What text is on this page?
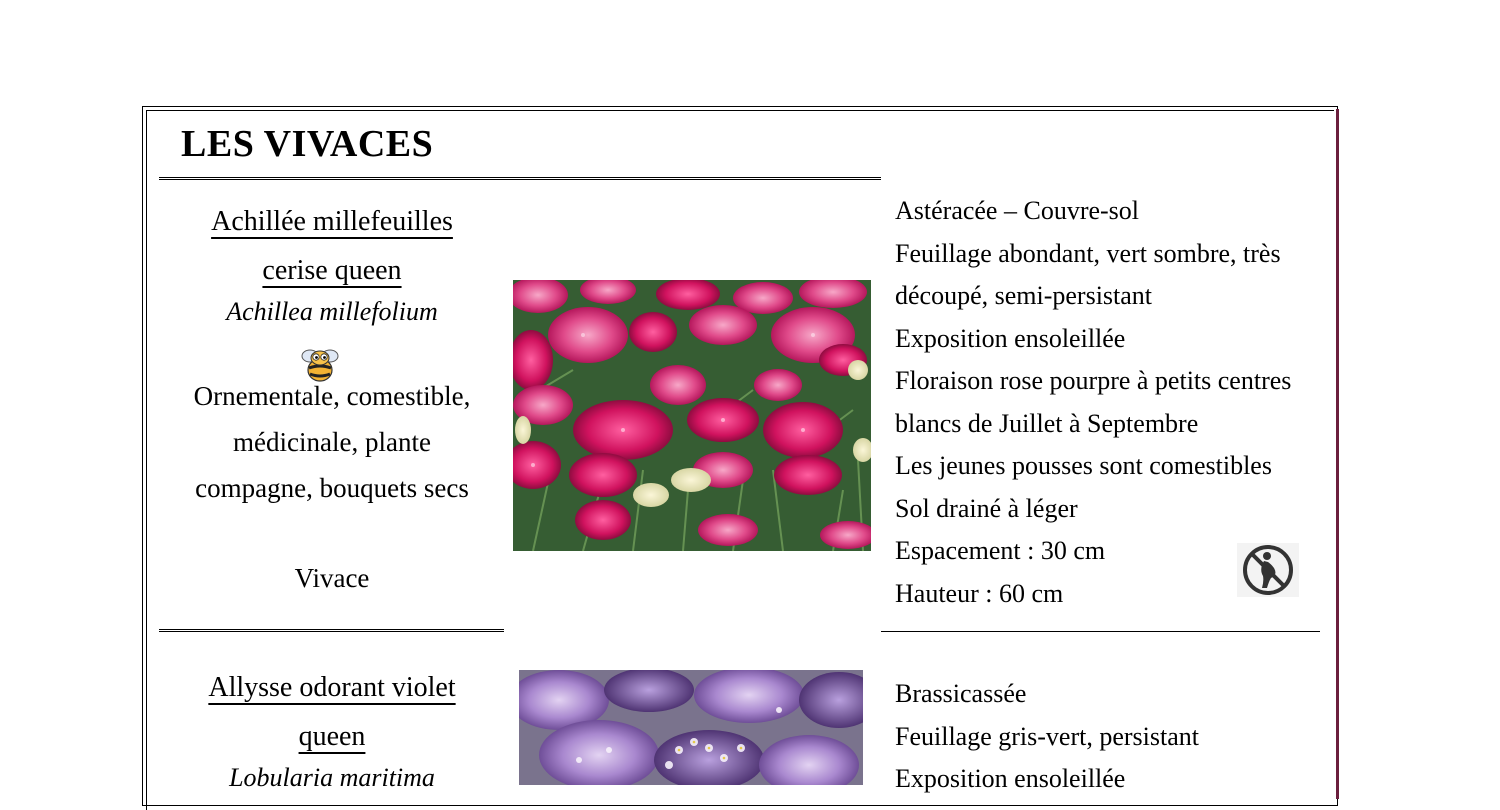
LES VIVACES
Achillée millefeuilles
cerise queen
Achillea millefolium
Ornementale, comestible,
médicinale, plante
compagne, bouquets secs
Vivace
Astéracée – Couvre-sol
Feuillage abondant, vert sombre, très
découpé, semi-persistant
Exposition ensoleillée
Floraison rose pourpre à petits centres
blancs de Juillet à Septembre
Les jeunes pousses sont comestibles
Sol drainé à léger
Espacement : 30 cm
Hauteur : 60 cm
Allysse odorant violet
queen
Lobularia maritima
Brassicassée
Feuillage gris-vert, persistant
Exposition ensoleillée
